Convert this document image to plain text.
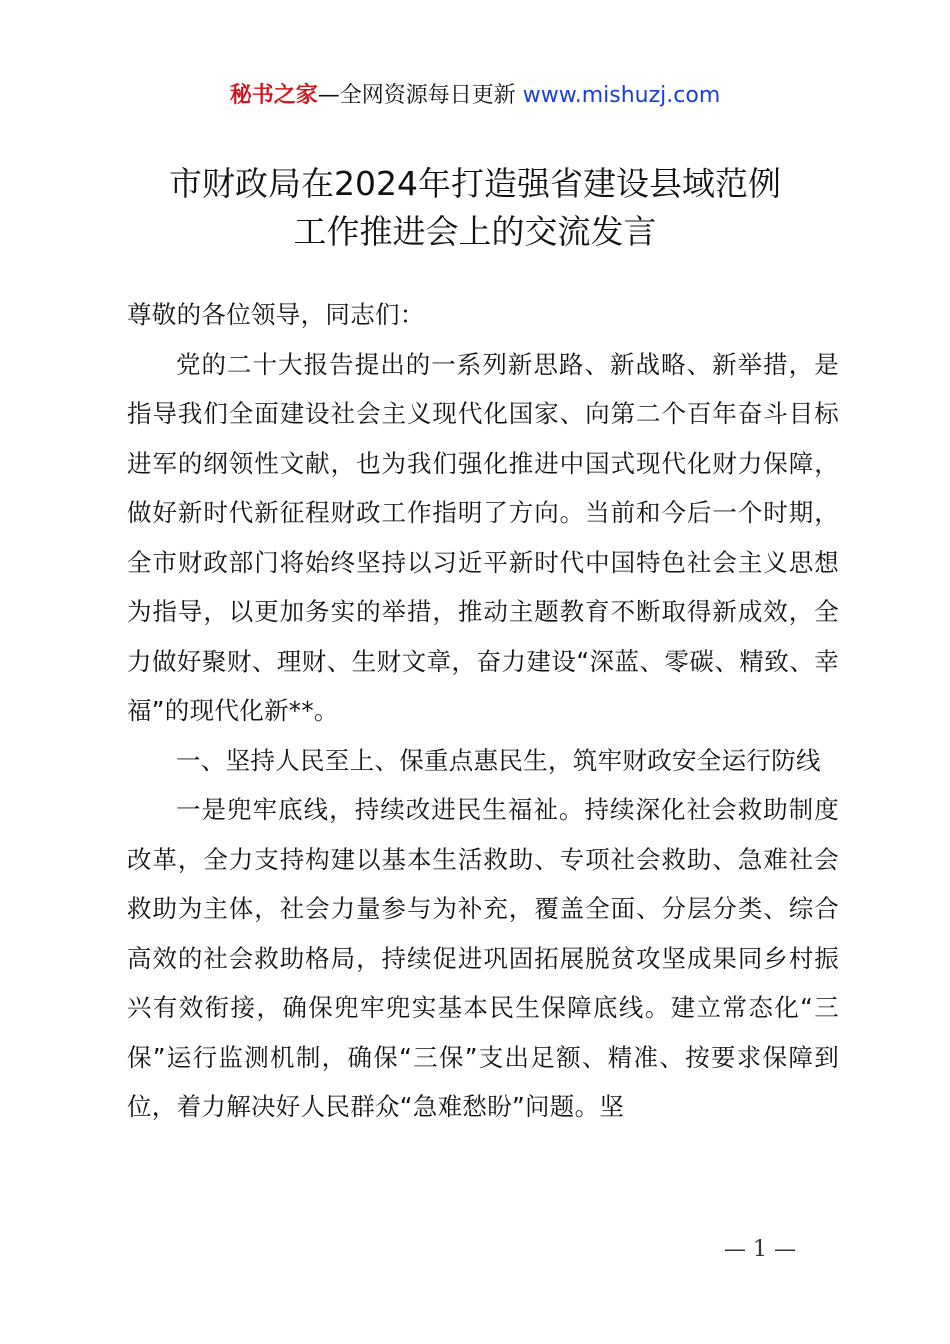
秘书之家—全网资源每日更新 www.mishuzj.com
市财政局在2024年打造强省建设县域范例
工作推进会上的交流发言

尊敬的各位领导，同志们：

党的二十大报告提出的一系列新思路、新战略、新举措，是指导我们全面建设社会主义现代化国家、向第二个百年奋斗目标进军的纲领性文献，也为我们强化推进中国式现代化财力保障，做好新时代新征程财政工作指明了方向。当前和今后一个时期，全市财政部门将始终坚持以习近平新时代中国特色社会主义思想为指导，以更加务实的举措，推动主题教育不断取得新成效，全力做好聚财、理财、生财文章，奋力建设“深蓝、零碳、精致、幸福”的现代化新**。

一、坚持人民至上、保重点惠民生，筑牢财政安全运行防线

一是兜牢底线，持续改进民生福祉。持续深化社会救助制度改革，全力支持构建以基本生活救助、专项社会救助、急难社会救助为主体，社会力量参与为补充，覆盖全面、分层分类、综合高效的社会救助格局，持续促进巩固拓展脱贫攻坚成果同乡村振兴有效衔接，确保兜牢兜实基本民生保障底线。建立常态化“三保”运行监测机制，确保“三保”支出足额、精准、按要求保障到位，着力解决好人民群众“急难愁盼”问题。坚

— 1 —
